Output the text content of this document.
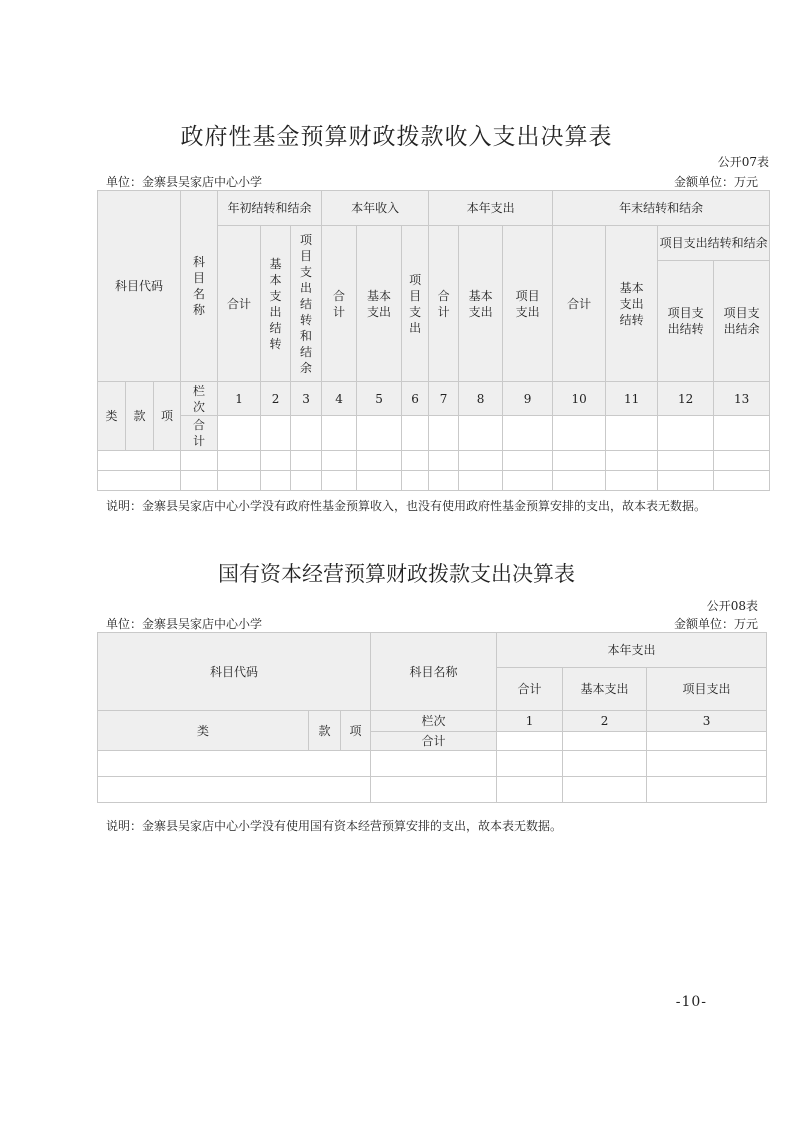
政府性基金预算财政拨款收入支出决算表
公开07表
单位：金寨县吴家店中心小学	金额单位：万元
科目代码			科目名称	年初结转和结余			本年收入			本年支出			年末结转和结余			
				合计	基本支出结转	项目支出结转和结余	合计	基本支出	项目支出	合计	基本支出	项目支出	合计	基本支出结转	项目支出结转和结余	
															项目支出结转	项目支出结余
类	款	项	栏次	1	2	3	4	5	6	7	8	9	10	11	12	13
			合计													

说明：金寨县吴家店中心小学没有政府性基金预算收入，也没有使用政府性基金预算安排的支出，故本表无数据。
国有资本经营预算财政拨款支出决算表
公开08表
单位：金寨县吴家店中心小学	金额单位：万元
科目代码			科目名称	本年支出		
				合计	基本支出	项目支出
类	款	项	栏次	1	2	3
			合计			

说明：金寨县吴家店中心小学没有使用国有资本经营预算安排的支出，故本表无数据。
-10-
